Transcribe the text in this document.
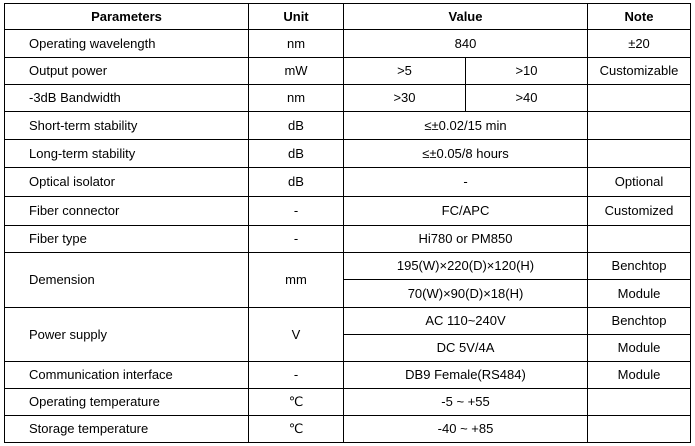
Parameters	Unit	Value		Note
Operating wavelength	nm	840		±20
Output power	mW	>5	>10	Customizable
-3dB Bandwidth	nm	>30	>40	
Short-term stability	dB	≤±0.02/15 min		
Long-term stability	dB	≤±0.05/8 hours		
Optical isolator	dB	-		Optional
Fiber connector	-	FC/APC		Customized
Fiber type	-	Hi780 or PM850		
Demension	mm	195(W)×220(D)×120(H)		Benchtop
		70(W)×90(D)×18(H)		Module
Power supply	V	AC 110~240V		Benchtop
		DC 5V/4A		Module
Communication interface	-	DB9 Female(RS484)		Module
Operating temperature	℃	-5 ~ +55		
Storage temperature	℃	-40 ~ +85		
